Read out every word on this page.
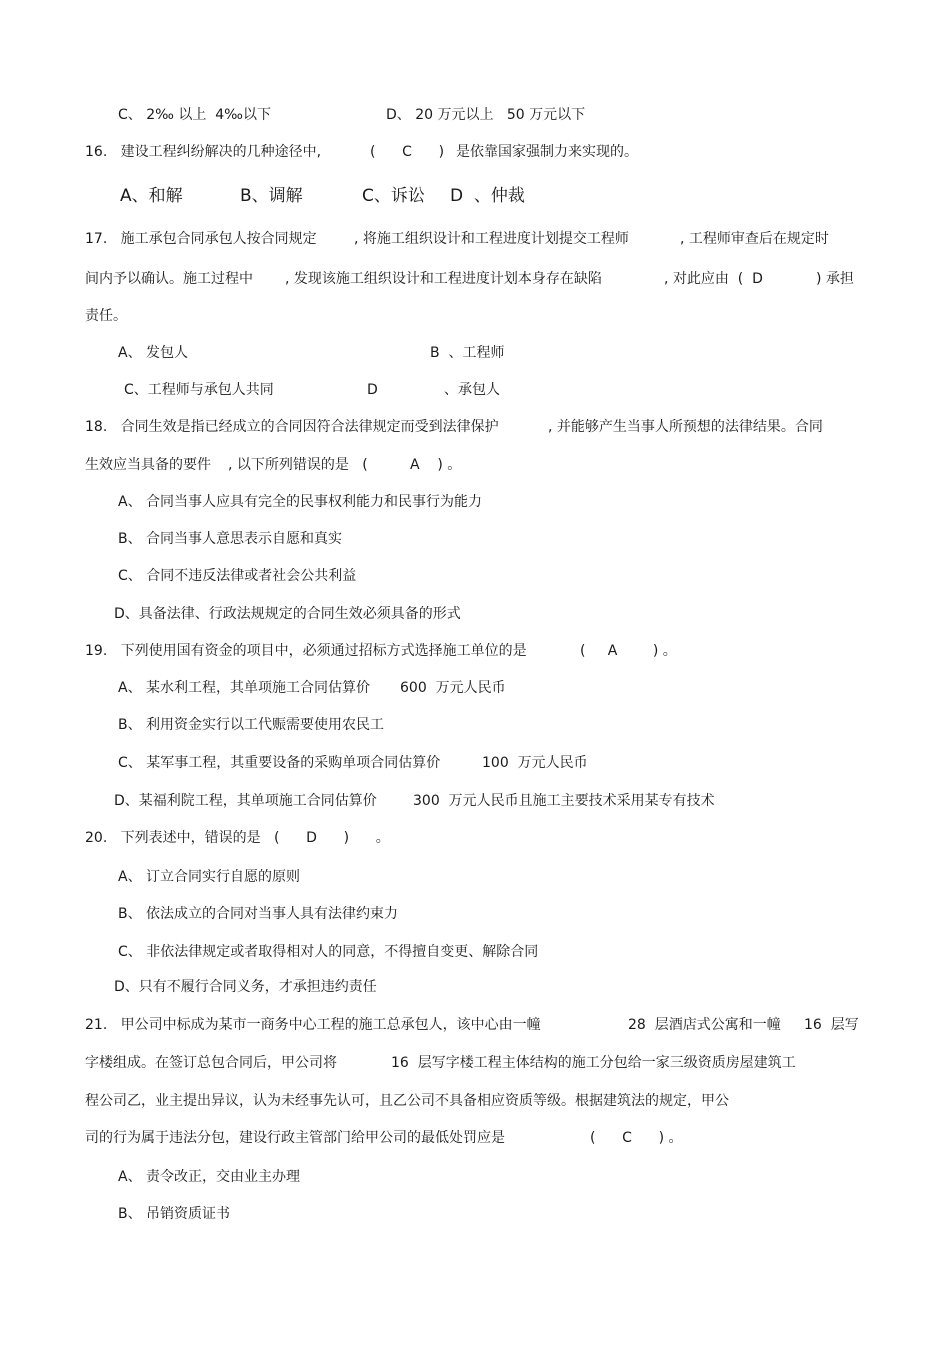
C、 2‰ 以上  4‰以下	D、 20 万元以上   50 万元以下
16.   建设工程纠纷解决的几种途径中,	(      C      ) 是依靠国家强制力来实现的。
A、和解	B、调解	C、诉讼 D  、仲裁
17.   施工承包合同承包人按合同规定	, 将施工组织设计和工程进度计划提交工程师	, 工程师审查后在规定时
间内予以确认。施工过程中 , 发现该施工组织设计和工程进度计划本身存在缺陷	, 对此应由  (  D	) 承担
责任。
A、 发包人	B  、工程师
C、工程师与承包人共同	D	、承包人
18.   合同生效是指已经成立的合同因符合法律规定而受到法律保护	, 并能够产生当事人所预想的法律结果。合同
生效应当具备的要件 , 以下所列错误的是   (	A    ) 。
A、 合同当事人应具有完全的民事权利能力和民事行为能力
B、 合同当事人意思表示自愿和真实
C、 合同不违反法律或者社会公共利益
D、具备法律、行政法规规定的合同生效必须具备的形式
19.   下列使用国有资金的项目中，必须通过招标方式选择施工单位的是	(     A        ) 。
A、 某水利工程，其单项施工合同估算价 600  万元人民币
B、 利用资金实行以工代赈需要使用农民工
C、 某军事工程，其重要设备的采购单项合同估算价	100  万元人民币
D、某福利院工程，其单项施工合同估算价	300  万元人民币且施工主要技术采用某专有技术
20.   下列表述中，错误的是   (      D      )      。
A、 订立合同实行自愿的原则
B、 依法成立的合同对当事人具有法律约束力
C、 非依法律规定或者取得相对人的同意，不得擅自变更、解除合同
D、只有不履行合同义务，才承担违约责任
21.   甲公司中标成为某市一商务中心工程的施工总承包人，该中心由一幢	28  层酒店式公寓和一幢 16  层写
字楼组成。在签订总包合同后，甲公司将	16  层写字楼工程主体结构的施工分包给一家三级资质房屋建筑工
程公司乙，业主提出异议，认为未经事先认可，且乙公司不具备相应资质等级。根据建筑法的规定，甲公
司的行为属于违法分包，建设行政主管部门给甲公司的最低处罚应是	(      C      ) 。
A、 责令改正，交由业主办理
B、 吊销资质证书
